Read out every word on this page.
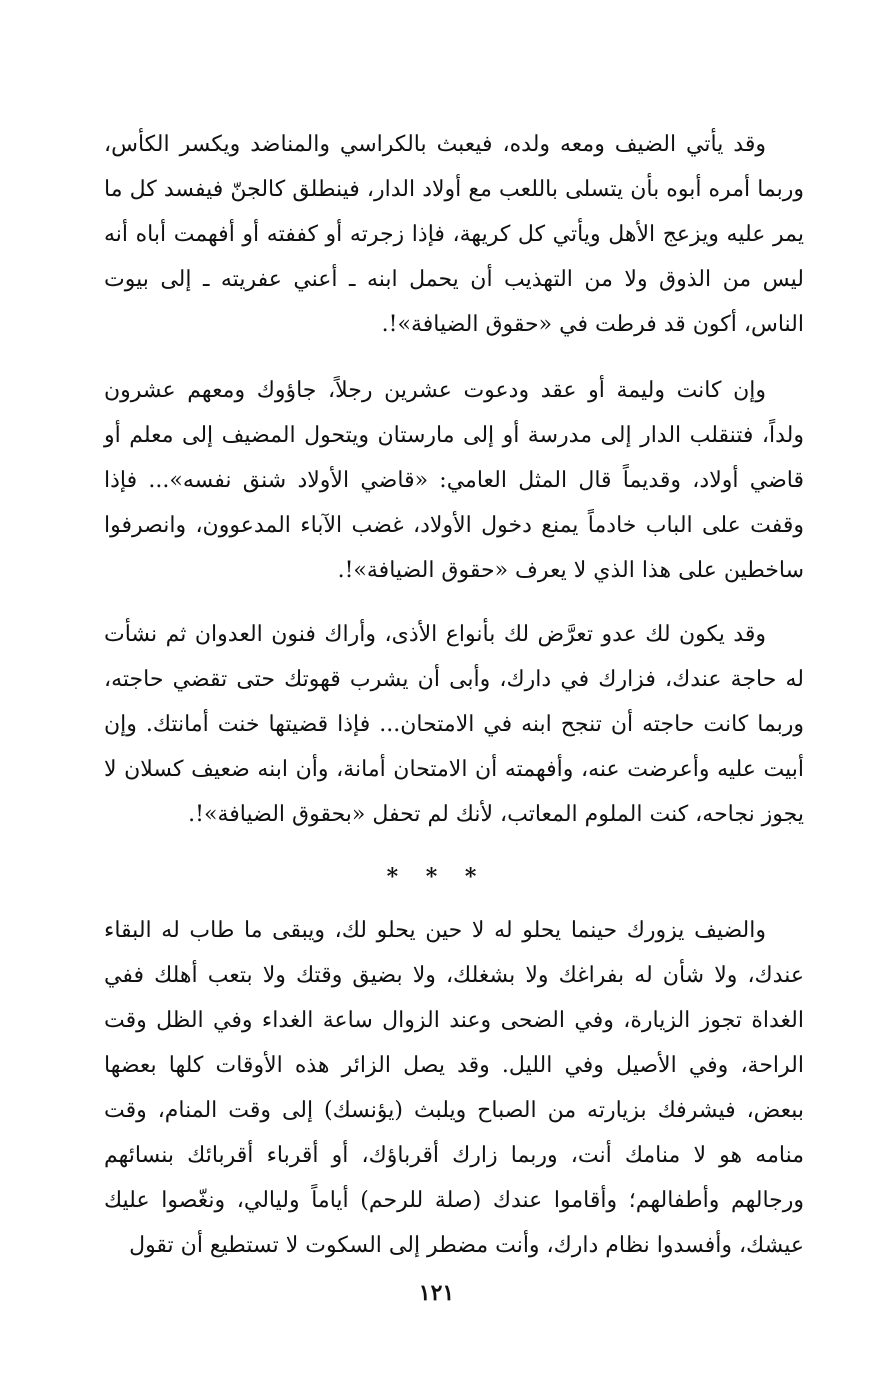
وقد يأتي الضيف ومعه ولده، فيعبث بالكراسي والمناضد ويكسر الكأس، وربما أمره أبوه بأن يتسلى باللعب مع أولاد الدار، فينطلق كالجنّ فيفسد كل ما يمر عليه ويزعج الأهل ويأتي كل كريهة، فإذا زجرته أو كففته أو أفهمت أباه أنه ليس من الذوق ولا من التهذيب أن يحمل ابنه ـ أعني عفريته ـ إلى بيوت الناس، أكون قد فرطت في «حقوق الضيافة»!.

وإن كانت وليمة أو عقد ودعوت عشرين رجلاً، جاؤوك ومعهم عشرون ولداً، فتنقلب الدار إلى مدرسة أو إلى مارستان ويتحول المضيف إلى معلم أو قاضي أولاد، وقديماً قال المثل العامي: «قاضي الأولاد شنق نفسه»... فإذا وقفت على الباب خادماً يمنع دخول الأولاد، غضب الآباء المدعوون، وانصرفوا ساخطين على هذا الذي لا يعرف «حقوق الضيافة»!.

وقد يكون لك عدو تعرَّض لك بأنواع الأذى، وأراك فنون العدوان ثم نشأت له حاجة عندك، فزارك في دارك، وأبى أن يشرب قهوتك حتى تقضي حاجته، وربما كانت حاجته أن تنجح ابنه في الامتحان... فإذا قضيتها خنت أمانتك. وإن أبيت عليه وأعرضت عنه، وأفهمته أن الامتحان أمانة، وأن ابنه ضعيف كسلان لا يجوز نجاحه، كنت الملوم المعاتب، لأنك لم تحفل «بحقوق الضيافة»!.

* * *

والضيف يزورك حينما يحلو له لا حين يحلو لك، ويبقى ما طاب له البقاء عندك، ولا شأن له بفراغك ولا بشغلك، ولا بضيق وقتك ولا بتعب أهلك ففي الغداة تجوز الزيارة، وفي الضحى وعند الزوال ساعة الغداء وفي الظل وقت الراحة، وفي الأصيل وفي الليل. وقد يصل الزائر هذه الأوقات كلها بعضها ببعض، فيشرفك بزيارته من الصباح ويلبث (يؤنسك) إلى وقت المنام، وقت منامه هو لا منامك أنت، وربما زارك أقرباؤك، أو أقرباء أقربائك بنسائهم ورجالهم وأطفالهم؛ وأقاموا عندك (صلة للرحم) أياماً وليالي، ونغّصوا عليك عيشك، وأفسدوا نظام دارك، وأنت مضطر إلى السكوت لا تستطيع أن تقول

١٢١
